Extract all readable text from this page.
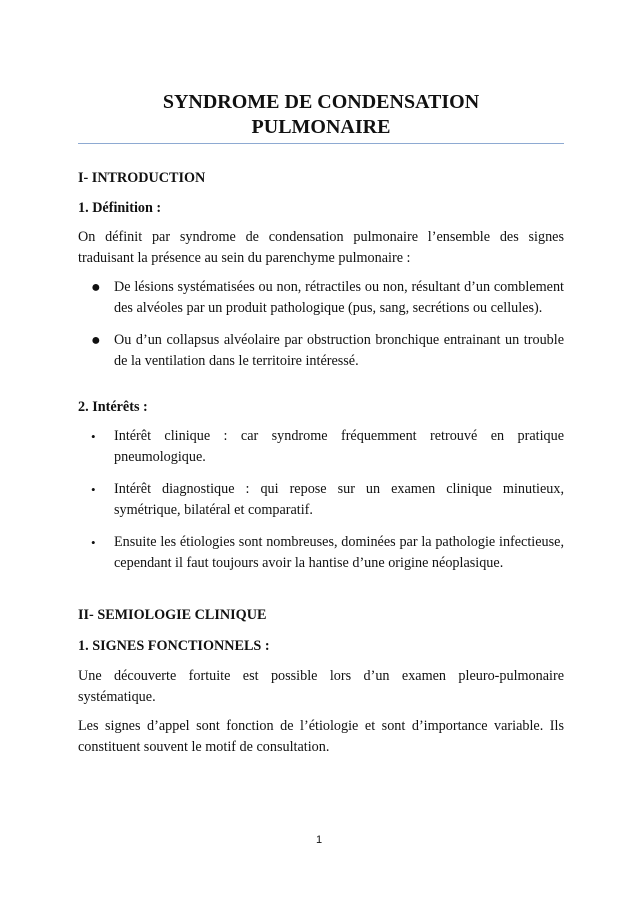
SYNDROME DE CONDENSATION
PULMONAIRE

I- INTRODUCTION

1. Définition :

On définit par syndrome de condensation pulmonaire l’ensemble des signes traduisant la présence au sein du parenchyme pulmonaire :

● De lésions systématisées ou non, rétractiles ou non, résultant d’un comblement des alvéoles par un produit pathologique (pus, sang, secrétions ou cellules).
● Ou d’un collapsus alvéolaire par obstruction bronchique entrainant un trouble de la ventilation dans le territoire intéressé.

2. Intérêts :

• Intérêt clinique : car syndrome fréquemment retrouvé en pratique pneumologique.
• Intérêt diagnostique : qui repose sur un examen clinique minutieux, symétrique, bilatéral et comparatif.
• Ensuite les étiologies sont nombreuses, dominées par la pathologie infectieuse, cependant il faut toujours avoir la hantise d’une origine néoplasique.

II- SEMIOLOGIE CLINIQUE

1. SIGNES FONCTIONNELS :

Une découverte fortuite est possible lors d’un examen pleuro-pulmonaire systématique.

Les signes d’appel sont fonction de l’étiologie et sont d’importance variable. Ils constituent souvent le motif de consultation.

1
